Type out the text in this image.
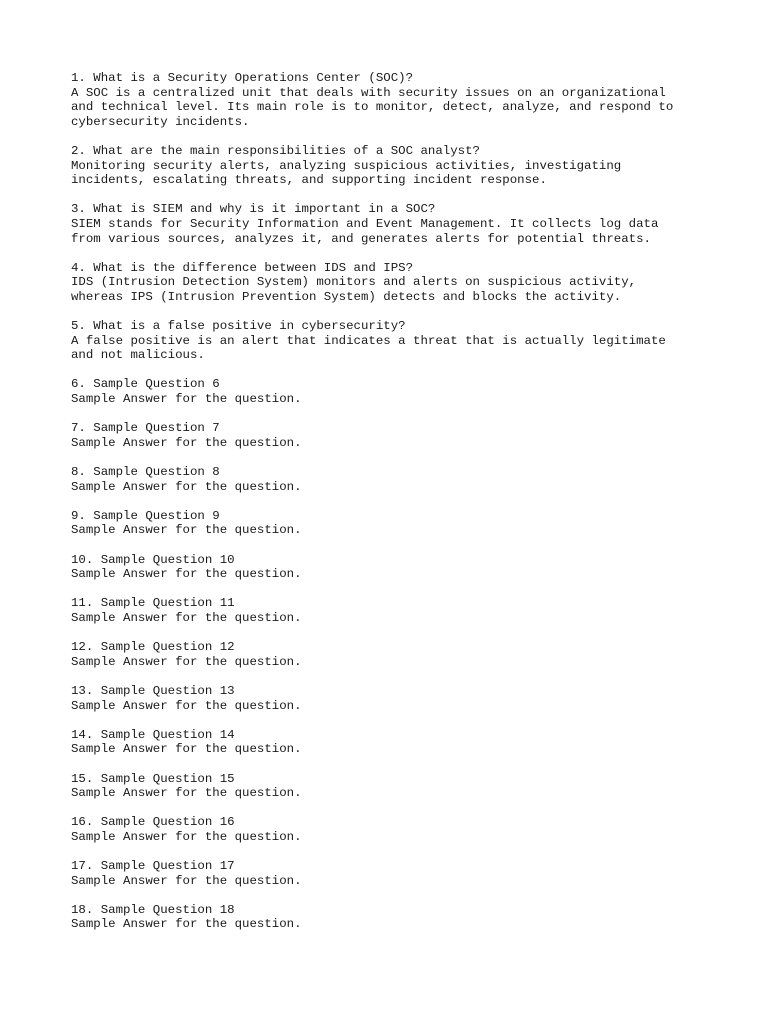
1. What is a Security Operations Center (SOC)?
A SOC is a centralized unit that deals with security issues on an organizational
and technical level. Its main role is to monitor, detect, analyze, and respond to
cybersecurity incidents.
2. What are the main responsibilities of a SOC analyst?
Monitoring security alerts, analyzing suspicious activities, investigating
incidents, escalating threats, and supporting incident response.
3. What is SIEM and why is it important in a SOC?
SIEM stands for Security Information and Event Management. It collects log data
from various sources, analyzes it, and generates alerts for potential threats.
4. What is the difference between IDS and IPS?
IDS (Intrusion Detection System) monitors and alerts on suspicious activity,
whereas IPS (Intrusion Prevention System) detects and blocks the activity.
5. What is a false positive in cybersecurity?
A false positive is an alert that indicates a threat that is actually legitimate
and not malicious.
6. Sample Question 6
Sample Answer for the question.
7. Sample Question 7
Sample Answer for the question.
8. Sample Question 8
Sample Answer for the question.
9. Sample Question 9
Sample Answer for the question.
10. Sample Question 10
Sample Answer for the question.
11. Sample Question 11
Sample Answer for the question.
12. Sample Question 12
Sample Answer for the question.
13. Sample Question 13
Sample Answer for the question.
14. Sample Question 14
Sample Answer for the question.
15. Sample Question 15
Sample Answer for the question.
16. Sample Question 16
Sample Answer for the question.
17. Sample Question 17
Sample Answer for the question.
18. Sample Question 18
Sample Answer for the question.
